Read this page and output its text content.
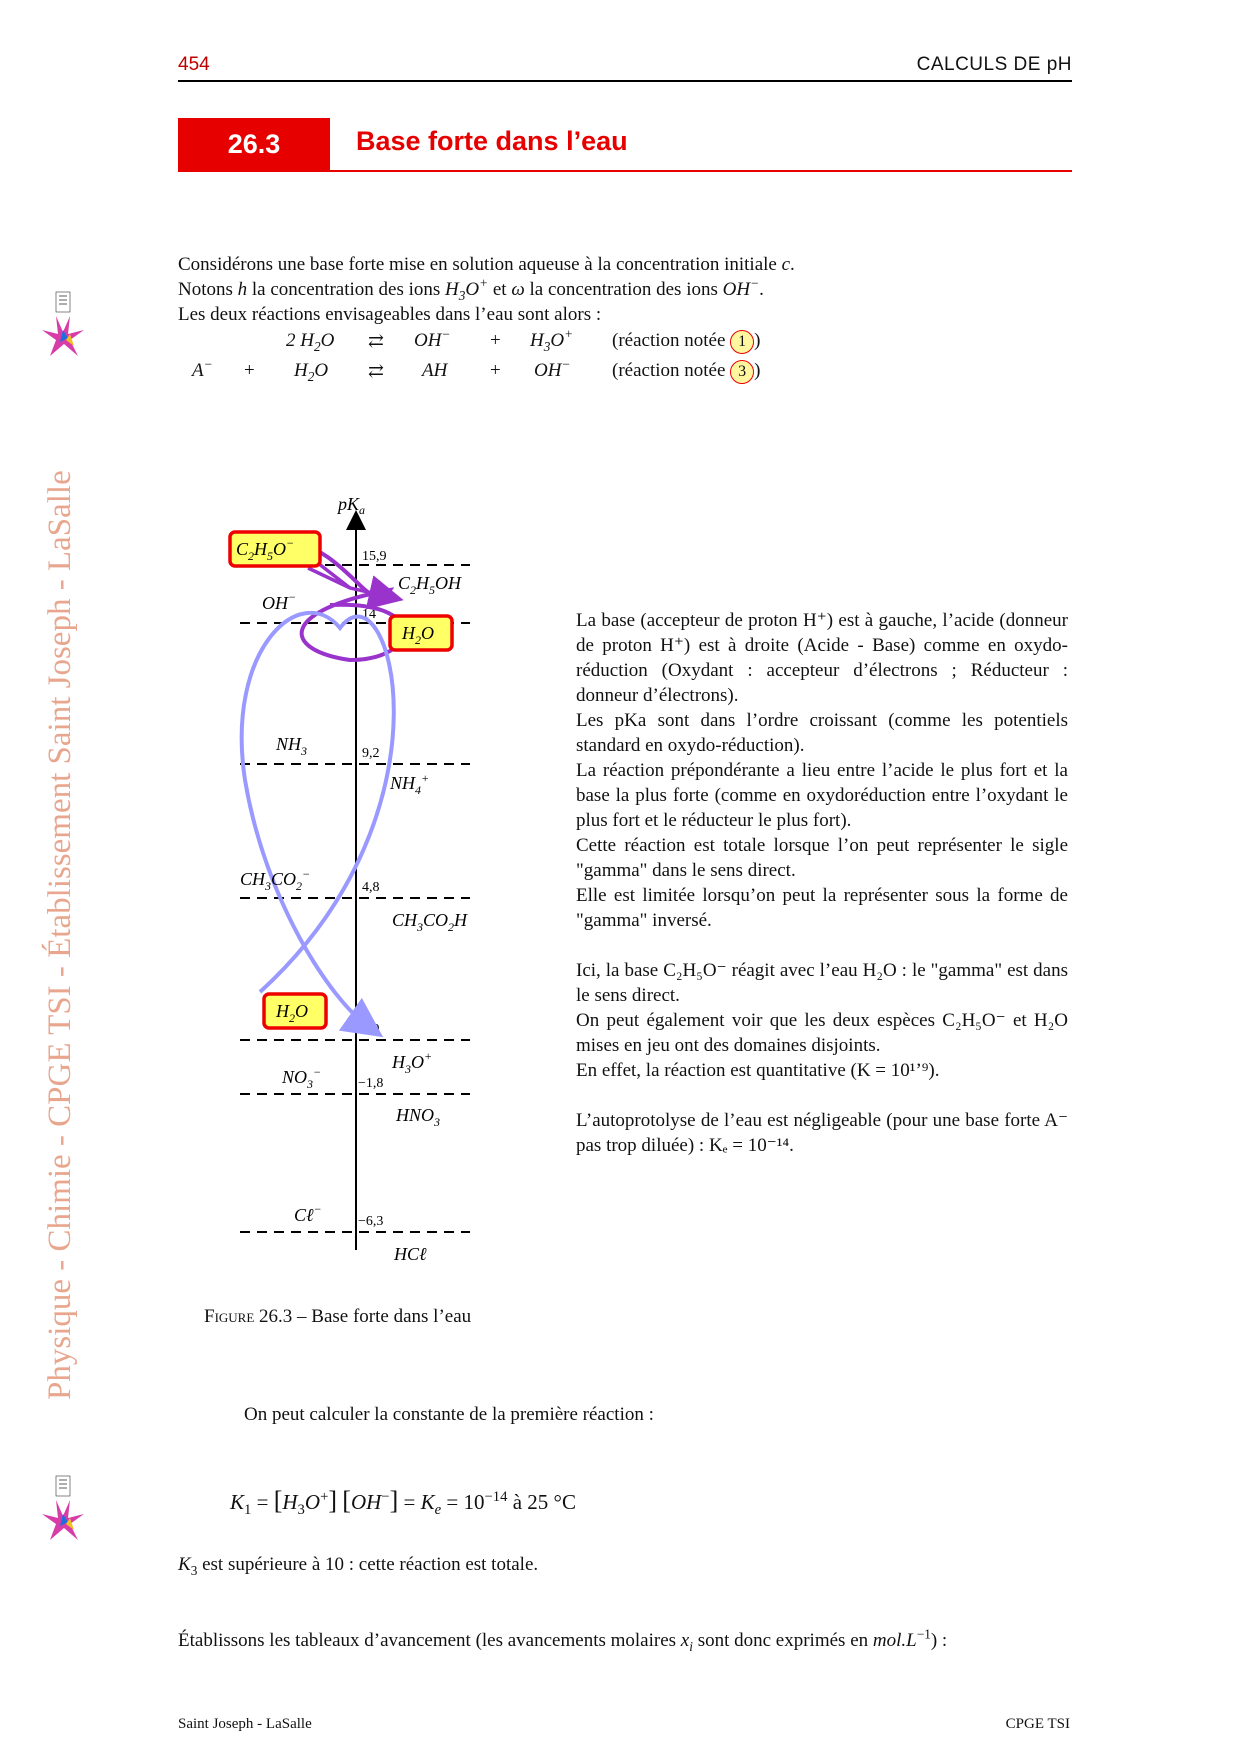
454	CALCULS DE pH
26.3	Base forte dans l’eau
Considérons une base forte mise en solution aqueuse à la concentration initiale c.
Notons h la concentration des ions $H_3O^+$ et ω la concentration des ions OH−.
Les deux réactions envisageables dans l’eau sont alors :
2 $H_2O$ ⇄ $OH^- + H_3O^+$ (réaction notée 1 )
$A^- + H_2O$ ⇄ AH + OH− (réaction notée 3 )
$pK_a$
15,9
14
9,2
4,8
0,0
−1,8
−6,3
OH−
$NH_3$
$CH_3CO_2^-$
$NO_3^-$
Cℓ−
$C_2H_5OH$
$NH_4^+$
$CH_3CO_2H$
$H_3O^+$
$HNO_3$
HCℓ
$C_2H_5O^-$
$H_2O$
$H_2O$

La base (accepteur de proton H⁺) est à gauche, l’acide (donneur de proton H⁺) est à droite (Acide - Base) comme en oxydo-réduction (Oxydant : accepteur d’électrons ; Réducteur : donneur d’électrons).

Les pKa sont dans l’ordre croissant (comme les potentiels standard en oxydo-réduction).

La réaction prépondérante a lieu entre l’acide le plus fort et la base la plus forte (comme en oxydoréduction entre l’oxydant le plus fort et le réducteur le plus fort).

Cette réaction est totale lorsque l’on peut représenter le sigle "gamma" dans le sens direct.

Elle est limitée lorsqu’on peut la représenter sous la forme de "gamma" inversé.

Ici, la base C₂H₅O⁻ réagit avec l’eau H₂O : le "gamma" est dans le sens direct.

On peut également voir que les deux espèces C₂H₅O⁻ et H₂O mises en jeu ont des domaines disjoints.

En effet, la réaction est quantitative (K = 10¹ʼ⁹).

L’autoprotolyse de l’eau est négligeable (pour une base forte A⁻ pas trop diluée) : Kₑ = 10⁻¹⁴.

Figure 26.3 – Base forte dans l’eau
On peut calculer la constante de la première réaction :
$K_1 = [H_3O^+] [OH^-] = K_e = 10^{-14}$ à 25 °C
$K_3$ est supérieure à 10 : cette réaction est totale.
Établissons les tableaux d’avancement (les avancements molaires $x_i$ sont donc exprimés en $mol.L^{-1}$) :
Saint Joseph - LaSalle	CPGE TSI
Physique - Chimie - CPGE TSI - Établissement Saint Joseph - LaSalle
